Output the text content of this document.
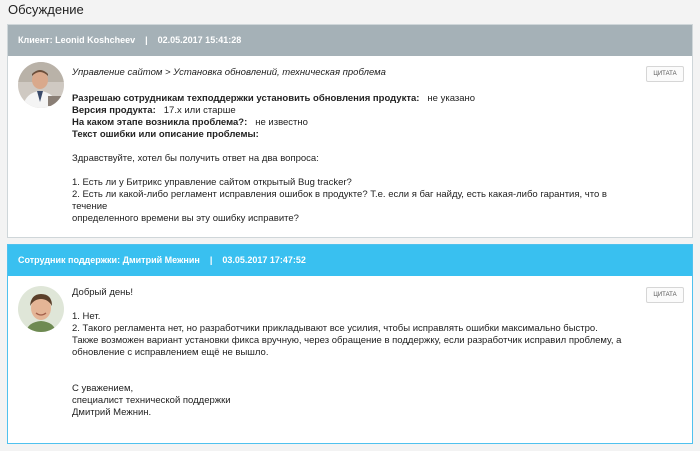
Обсуждение
Клиент: Leonid Koshcheev | 02.05.2017 15:41:28
ЦИТАТА
Управление сайтом > Установка обновлений, техническая проблема
Разрешаю сотрудникам техподдержки установить обновления продукта: не указано
Версия продукта: 17.x или старше
На каком этапе возникла проблема?: не известно
Текст ошибки или описание проблемы:
Здравствуйте, хотел бы получить ответ на два вопроса:
1. Есть ли у Битрикс управление сайтом открытый Bug tracker?
2. Есть ли какой-либо регламент исправления ошибок в продукте? Т.е. если я баг найду, есть какая-либо гарантия, что в течение
определенного времени вы эту ошибку исправите?
Сотрудник поддержки: Дмитрий Межнин | 03.05.2017 17:47:52
ЦИТАТА
Добрый день!
1. Нет.
2. Такого регламента нет, но разработчики прикладывают все усилия, чтобы исправлять ошибки максимально быстро.
Также возможен вариант установки фикса вручную, через обращение в поддержку, если разработчик исправил проблему, а
обновление с исправлением ещё не вышло.
С уважением,
специалист технической поддержки
Дмитрий Межнин.
